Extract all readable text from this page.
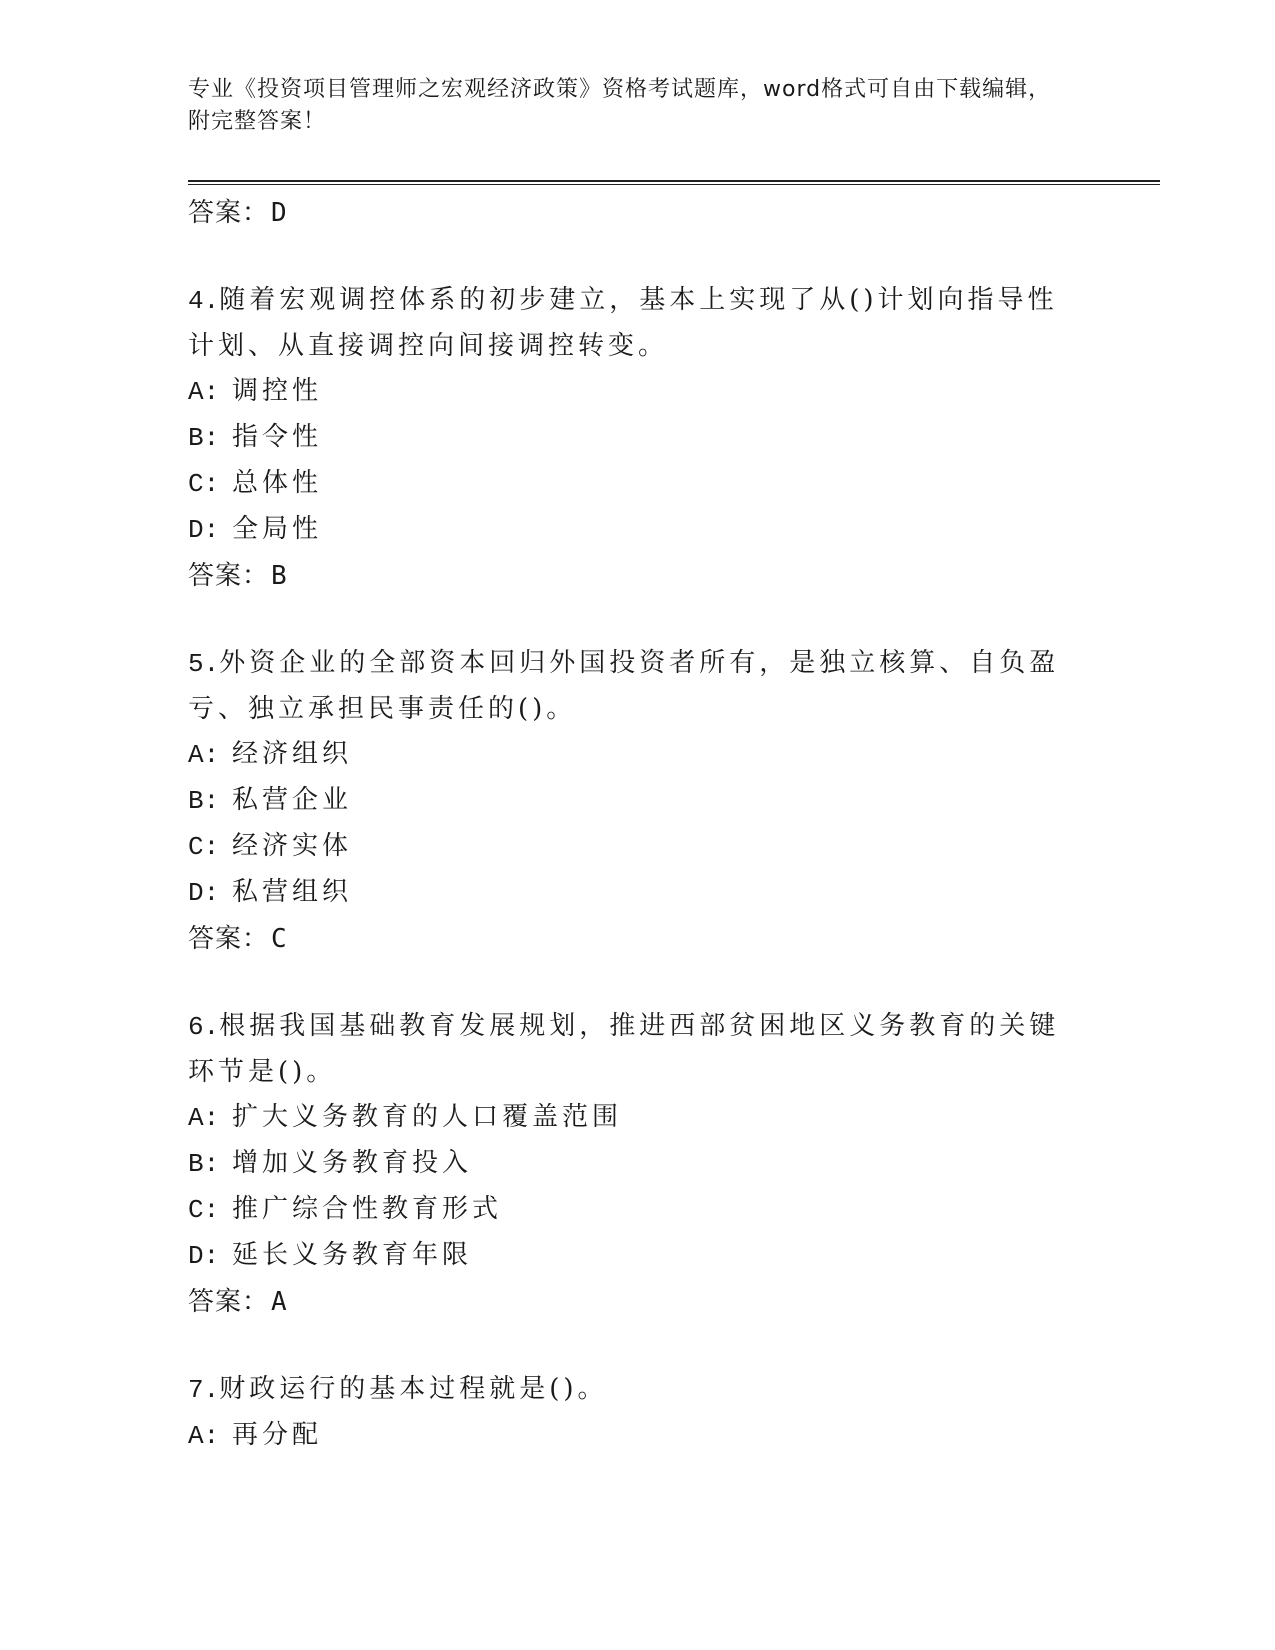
专业《投资项目管理师之宏观经济政策》资格考试题库，word格式可自由下载编辑，附完整答案！
答案：D
4.随着宏观调控体系的初步建立，基本上实现了从()计划向指导性计划、从直接调控向间接调控转变。
A: 调控性
B: 指令性
C: 总体性
D: 全局性
答案：B
5.外资企业的全部资本回归外国投资者所有，是独立核算、自负盈亏、独立承担民事责任的()。
A: 经济组织
B: 私营企业
C: 经济实体
D: 私营组织
答案：C
6.根据我国基础教育发展规划，推进西部贫困地区义务教育的关键环节是()。
A: 扩大义务教育的人口覆盖范围
B: 增加义务教育投入
C: 推广综合性教育形式
D: 延长义务教育年限
答案：A
7.财政运行的基本过程就是()。
A: 再分配
